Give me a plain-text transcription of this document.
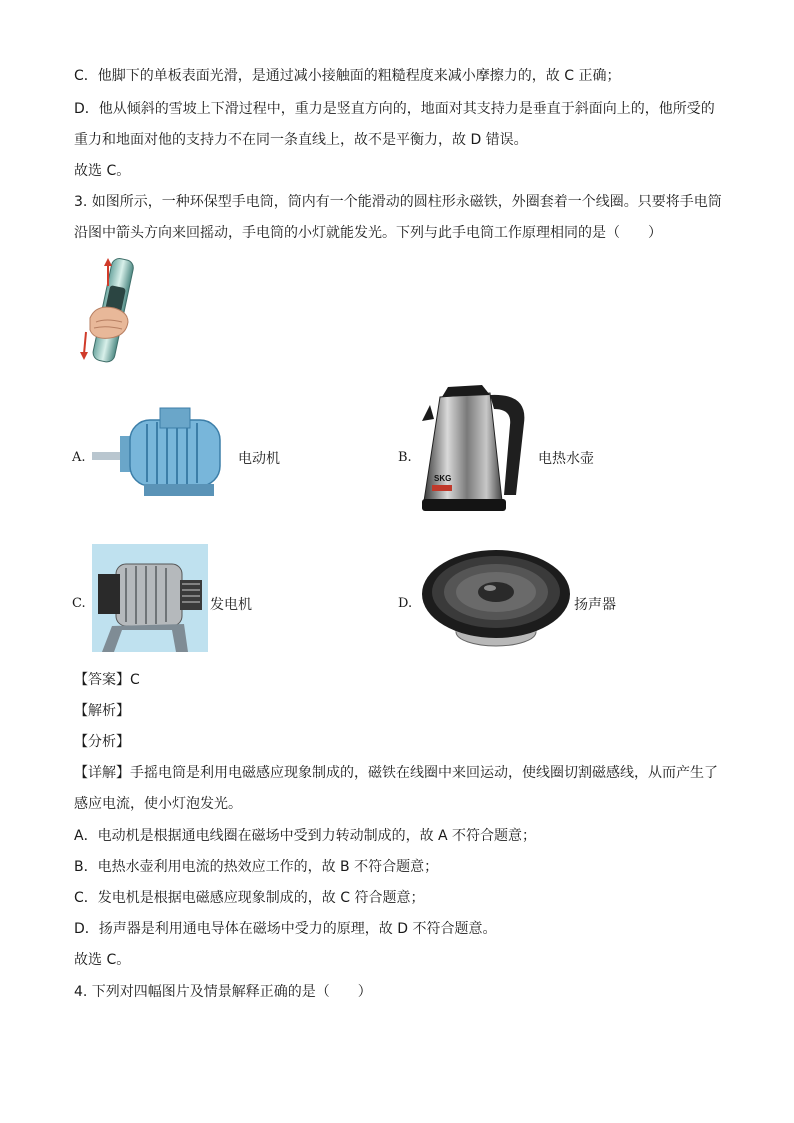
C．他脚下的单板表面光滑，是通过减小接触面的粗糙程度来减小摩擦力的，故 C 正确；
D．他从倾斜的雪坡上下滑过程中，重力是竖直方向的，地面对其支持力是垂直于斜面向上的，他所受的
重力和地面对他的支持力不在同一条直线上，故不是平衡力，故 D 错误。
故选 C。
3. 如图所示，一种环保型手电筒，筒内有一个能滑动的圆柱形永磁铁，外圈套着一个线圈。只要将手电筒
沿图中箭头方向来回摇动，手电筒的小灯就能发光。下列与此手电筒工作原理相同的是（　　）
A.	电动机	B.
SKG
电热水壶
C.	发电机	D.	扬声器
【答案】C
【解析】
【分析】
【详解】手摇电筒是利用电磁感应现象制成的，磁铁在线圈中来回运动，使线圈切割磁感线，从而产生了
感应电流，使小灯泡发光。
A．电动机是根据通电线圈在磁场中受到力转动制成的，故 A 不符合题意；
B．电热水壶利用电流的热效应工作的，故 B 不符合题意；
C．发电机是根据电磁感应现象制成的，故 C 符合题意；
D．扬声器是利用通电导体在磁场中受力的原理，故 D 不符合题意。
故选 C。
4. 下列对四幅图片及情景解释正确的是（　　）
